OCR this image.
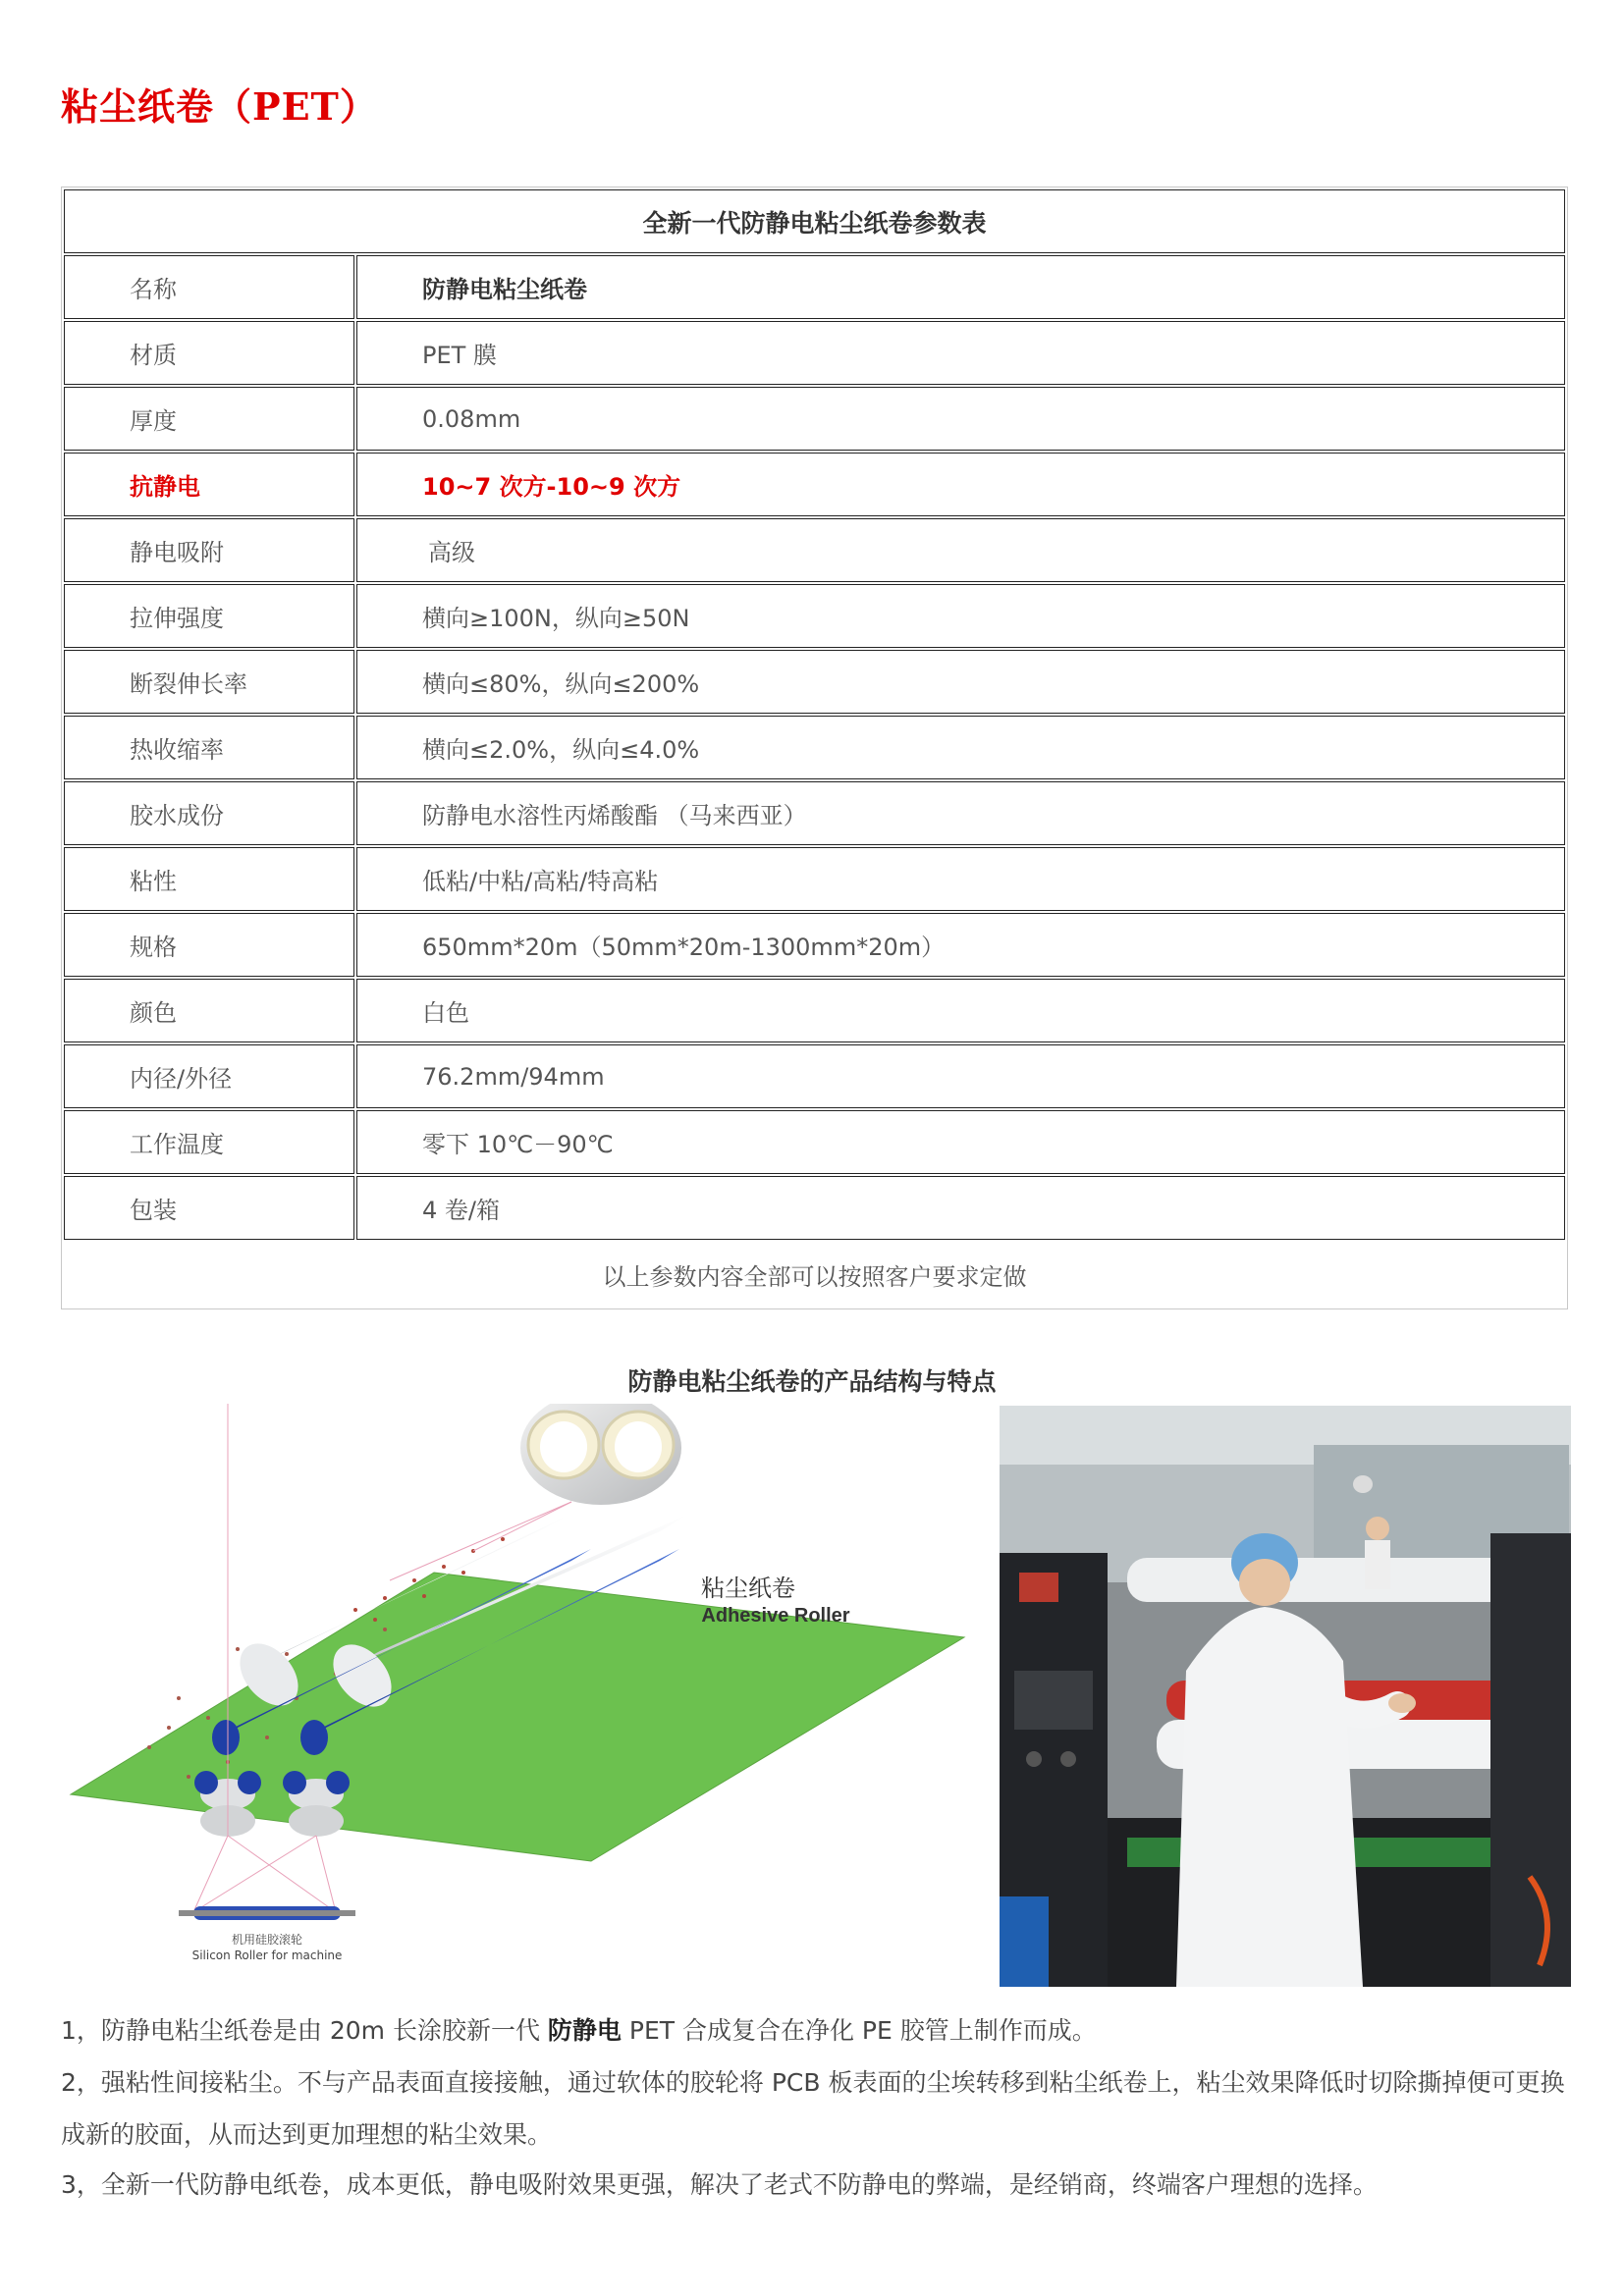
粘尘纸卷（PET）
全新一代防静电粘尘纸卷参数表	
名称	防静电粘尘纸卷
材质	PET 膜
厚度	0.08mm
抗静电	10~7 次方-10~9 次方
静电吸附	高级
拉伸强度	横向≥100N，纵向≥50N
断裂伸长率	横向≤80%，纵向≤200%
热收缩率	横向≤2.0%，纵向≤4.0%
胶水成份	防静电水溶性丙烯酸酯 （马来西亚）
粘性	低粘/中粘/高粘/特高粘
规格	650mm*20m（50mm*20m-1300mm*20m）
颜色	白色
内径/外径	76.2mm/94mm
工作温度	零下 10℃－90℃
包装	4 卷/箱
以上参数内容全部可以按照客户要求定做	
防静电粘尘纸卷的产品结构与特点
粘尘纸卷
Adhesive Roller
机用硅胶滚轮
Silicon Roller for machine

1，防静电粘尘纸卷是由 20m 长涂胶新一代 防静电 PET 合成复合在净化 PE 胶管上制作而成。

2，强粘性间接粘尘。不与产品表面直接接触，通过软体的胶轮将 PCB 板表面的尘埃转移到粘尘纸卷上，粘尘效果降低时切除撕掉便可更换

成新的胶面，从而达到更加理想的粘尘效果。

3，全新一代防静电纸卷，成本更低，静电吸附效果更强，解决了老式不防静电的弊端，是经销商，终端客户理想的选择。
